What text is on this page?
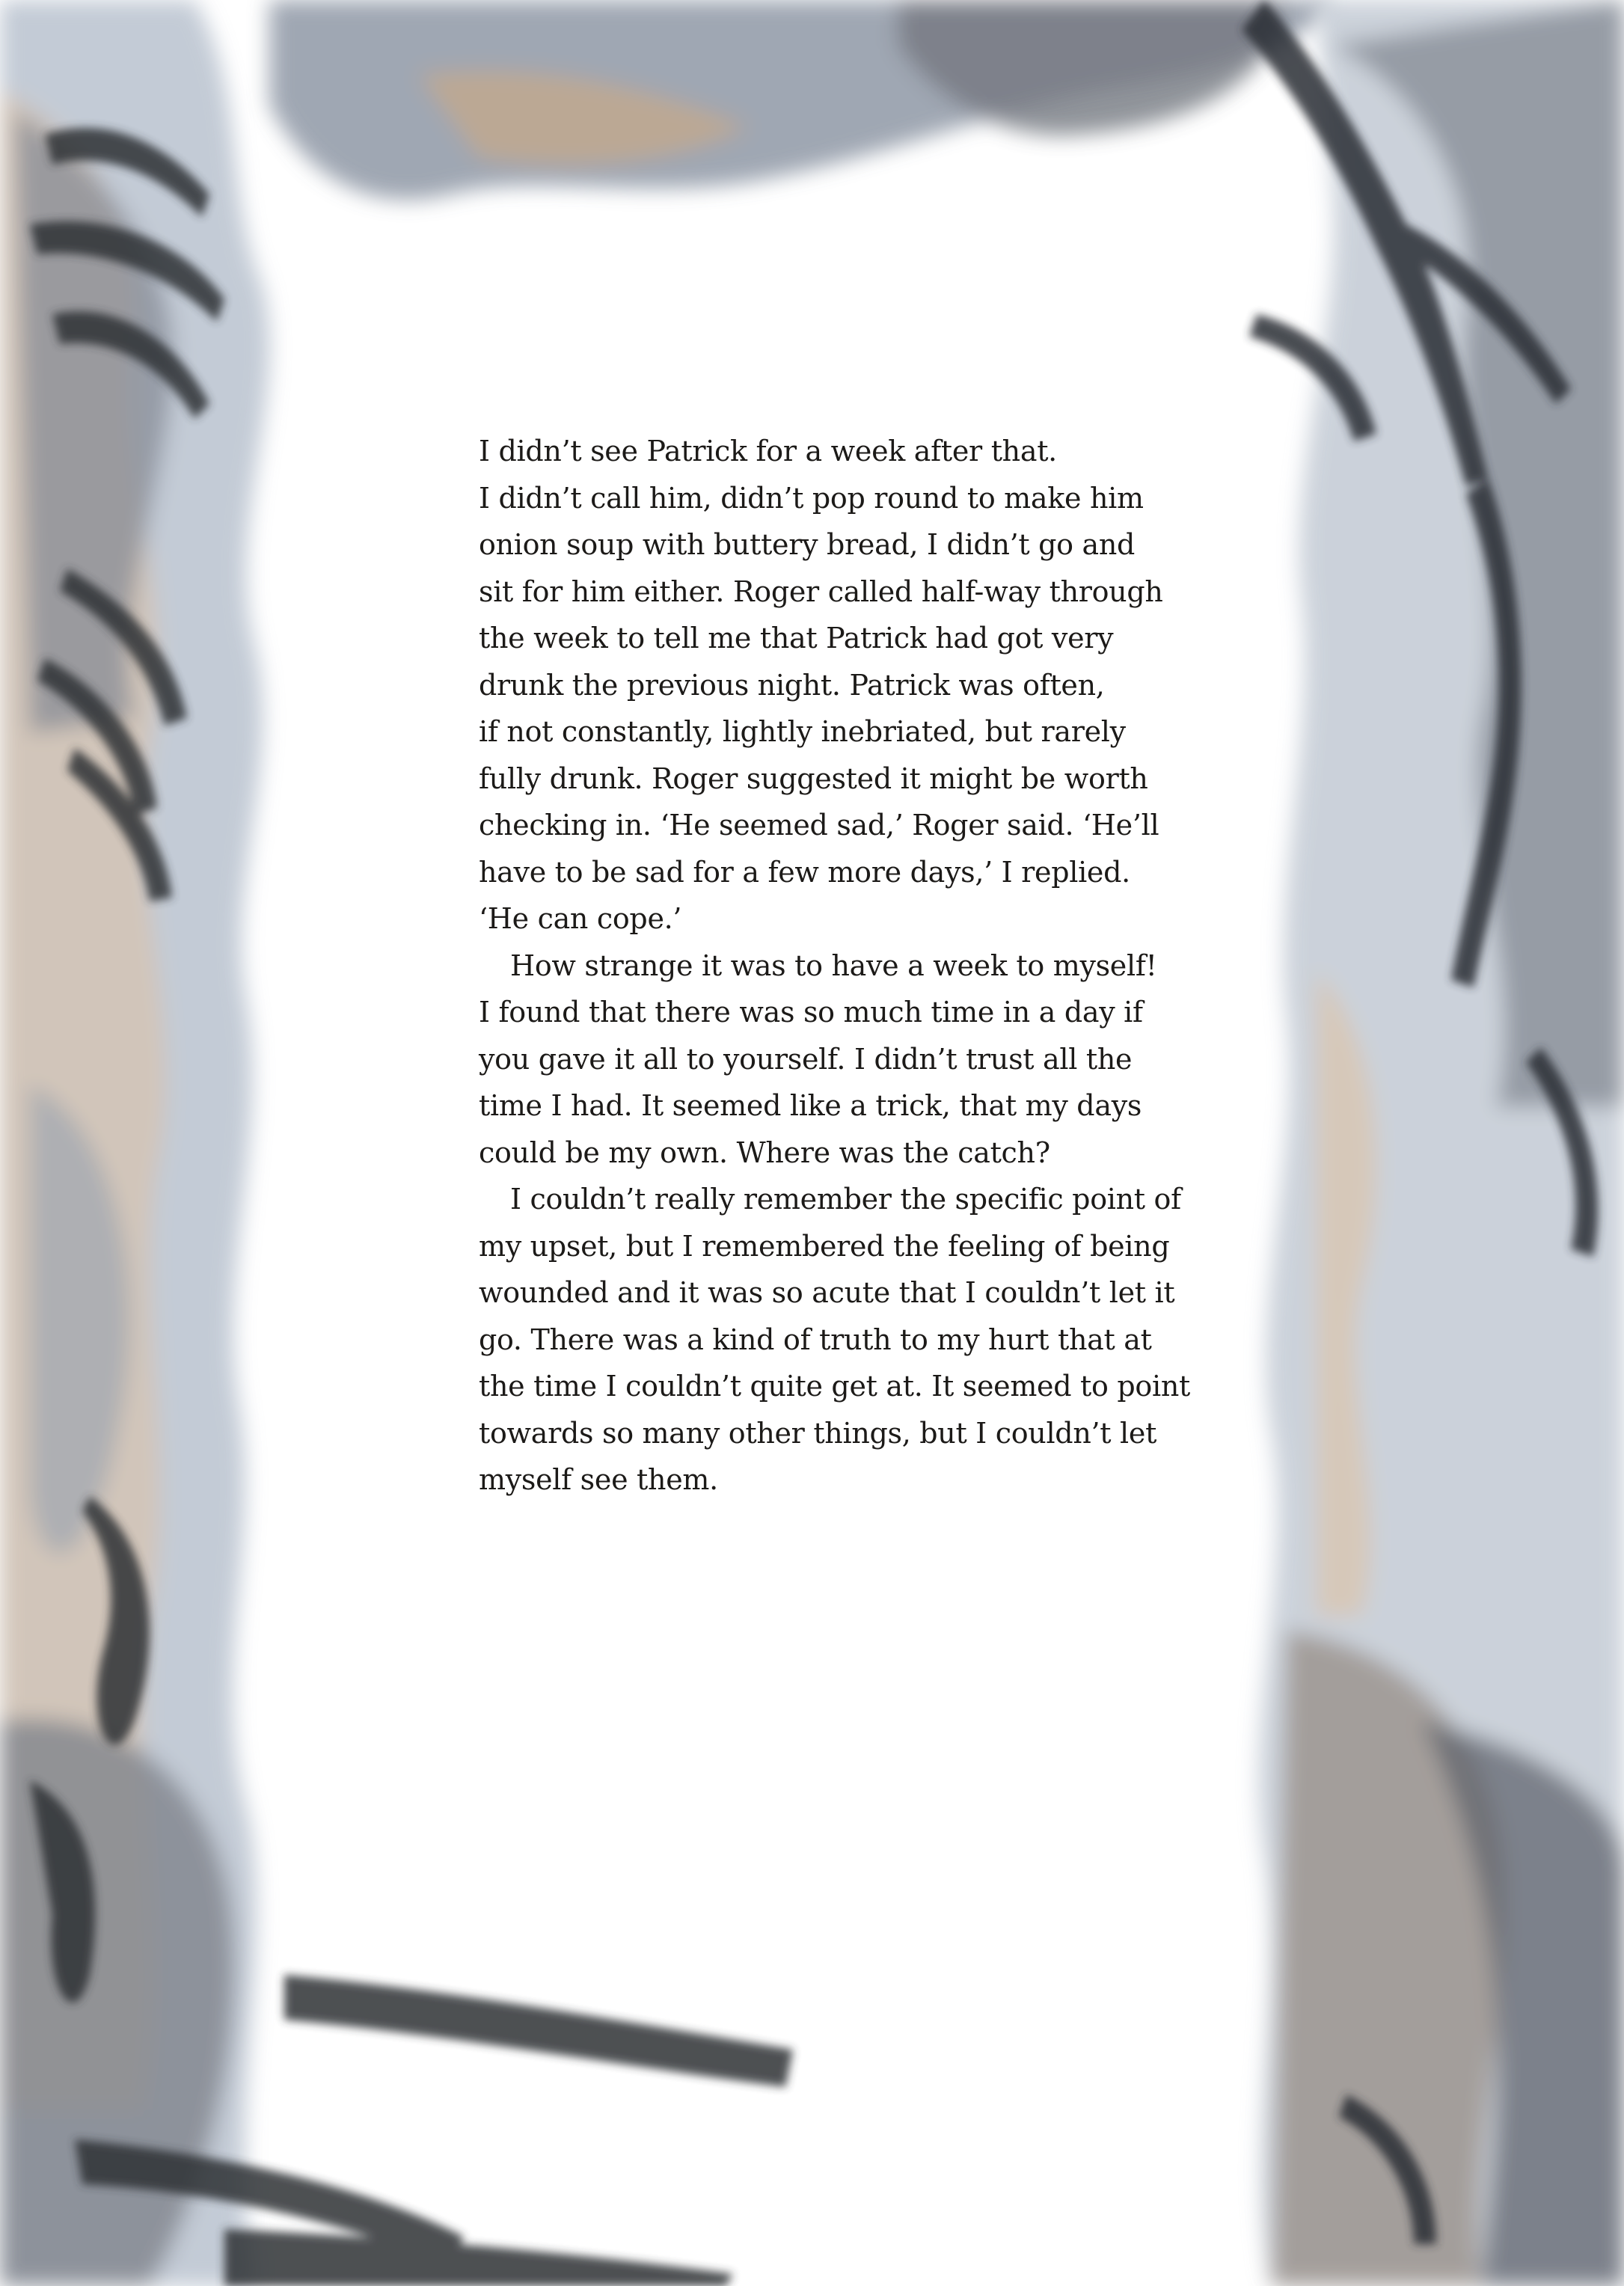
I didn’t see Patrick for a week after that.
I didn’t call him, didn’t pop round to make him
onion soup with buttery bread, I didn’t go and
sit for him either. Roger called half-way through
the week to tell me that Patrick had got very
drunk the previous night. Patrick was often,
if not constantly, lightly inebriated, but rarely
fully drunk. Roger suggested it might be worth
checking in. ‘He seemed sad,’ Roger said. ‘He’ll
have to be sad for a few more days,’ I replied.
‘He can cope.’
How strange it was to have a week to myself!
I found that there was so much time in a day if
you gave it all to yourself. I didn’t trust all the
time I had. It seemed like a trick, that my days
could be my own. Where was the catch?
I couldn’t really remember the specific point of
my upset, but I remembered the feeling of being
wounded and it was so acute that I couldn’t let it
go. There was a kind of truth to my hurt that at
the time I couldn’t quite get at. It seemed to point
towards so many other things, but I couldn’t let
myself see them.
